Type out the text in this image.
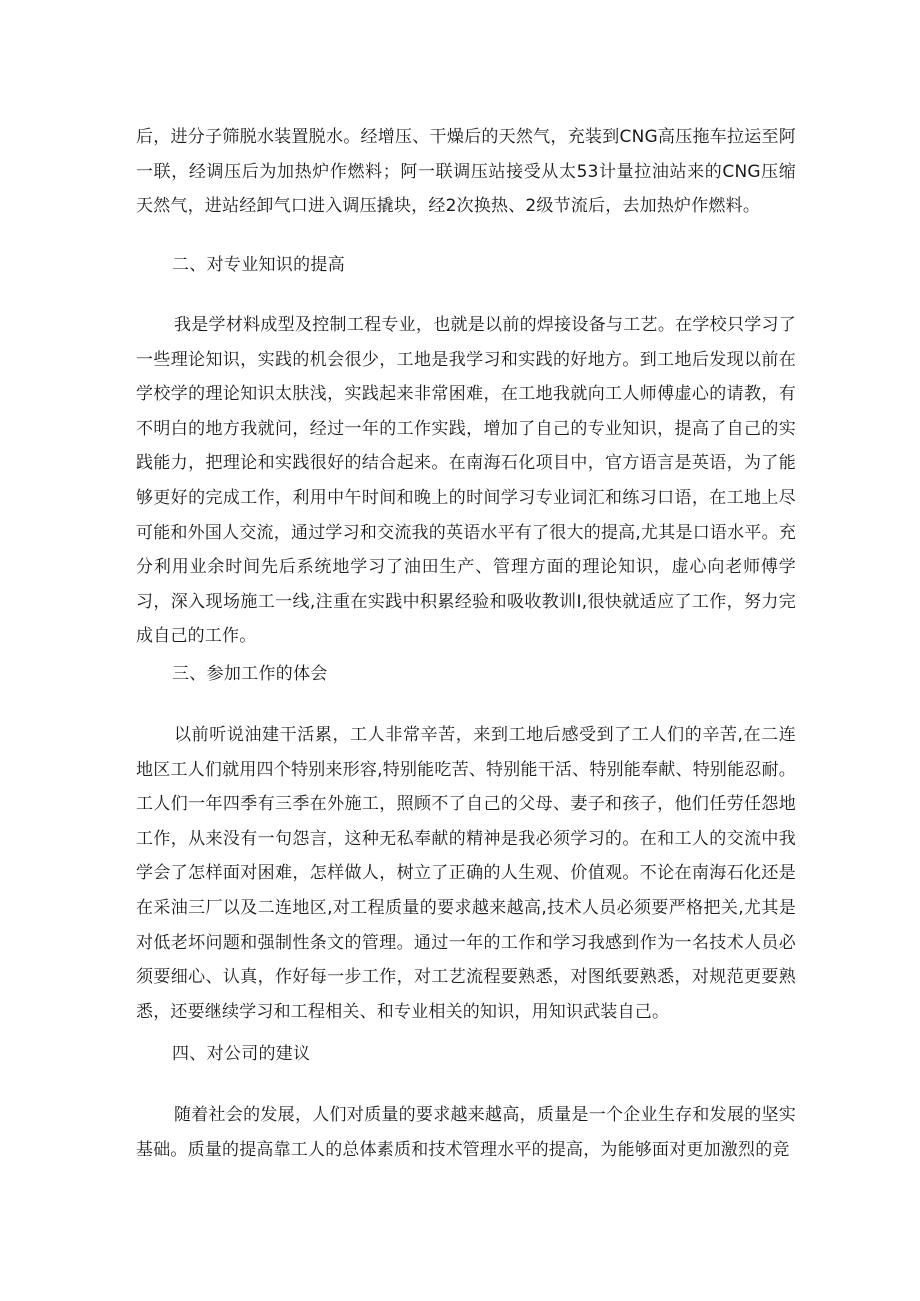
后，进分子筛脱水装置脱水。经增压、干燥后的天然气，充装到CNG高压拖车拉运至阿一联，经调压后为加热炉作燃料；阿一联调压站接受从太53计量拉油站来的CNG压缩天然气，进站经卸气口进入调压撬块，经2次换热、2级节流后，去加热炉作燃料。

二、对专业知识的提高

我是学材料成型及控制工程专业，也就是以前的焊接设备与工艺。在学校只学习了一些理论知识，实践的机会很少，工地是我学习和实践的好地方。到工地后发现以前在学校学的理论知识太肤浅，实践起来非常困难，在工地我就向工人师傅虚心的请教，有不明白的地方我就问，经过一年的工作实践，增加了自己的专业知识，提高了自己的实践能力，把理论和实践很好的结合起来。在南海石化项目中，官方语言是英语，为了能够更好的完成工作，利用中午时间和晚上的时间学习专业词汇和练习口语，在工地上尽可能和外国人交流，通过学习和交流我的英语水平有了很大的提高,尤其是口语水平。充分利用业余时间先后系统地学习了油田生产、管理方面的理论知识，虚心向老师傅学习，深入现场施工一线,注重在实践中积累经验和吸收教训I,很快就适应了工作，努力完成自己的工作。

三、参加工作的体会

以前听说油建干活累，工人非常辛苦，来到工地后感受到了工人们的辛苦,在二连地区工人们就用四个特别来形容,特别能吃苦、特别能干活、特别能奉献、特别能忍耐。工人们一年四季有三季在外施工，照顾不了自己的父母、妻子和孩子，他们任劳任怨地工作，从来没有一句怨言，这种无私奉献的精神是我必须学习的。在和工人的交流中我学会了怎样面对困难，怎样做人，树立了正确的人生观、价值观。不论在南海石化还是在采油三厂以及二连地区,对工程质量的要求越来越高,技术人员必须要严格把关,尤其是对低老坏问题和强制性条文的管理。通过一年的工作和学习我感到作为一名技术人员必须要细心、认真，作好每一步工作，对工艺流程要熟悉，对图纸要熟悉，对规范更要熟悉，还要继续学习和工程相关、和专业相关的知识，用知识武装自己。

四、对公司的建议

随着社会的发展，人们对质量的要求越来越高，质量是一个企业生存和发展的坚实基础。质量的提高靠工人的总体素质和技术管理水平的提高，为能够面对更加激烈的竞
